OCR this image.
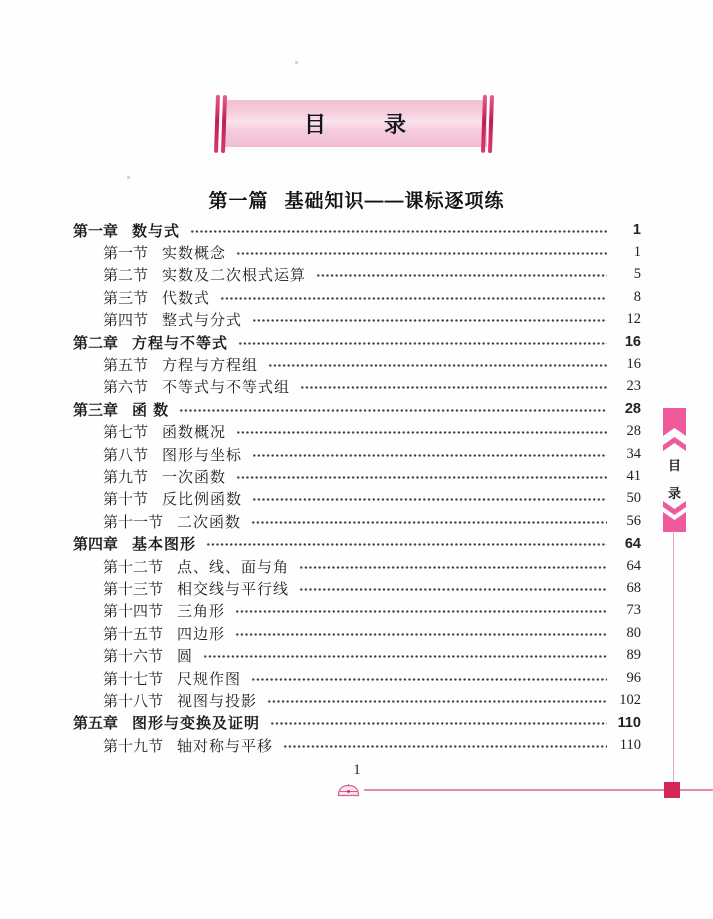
目	录
第一篇 基础知识——课标逐项练
第一章 数与式	1
第一节 实数概念	1
第二节 实数及二次根式运算	5
第三节 代数式	8
第四节 整式与分式	12
第二章 方程与不等式	16
第五节 方程与方程组	16
第六节 不等式与不等式组	23
第三章 函 数	28
第七节 函数概况	28
第八节 图形与坐标	34
第九节 一次函数	41
第十节 反比例函数	50
第十一节 二次函数	56
第四章 基本图形	64
第十二节 点、线、面与角	64
第十三节 相交线与平行线	68
第十四节 三角形	73
第十五节 四边形	80
第十六节 圆	89
第十七节 尺规作图	96
第十八节 视图与投影	102
第五章 图形与变换及证明	110
第十九节 轴对称与平移	110
目
录
1
